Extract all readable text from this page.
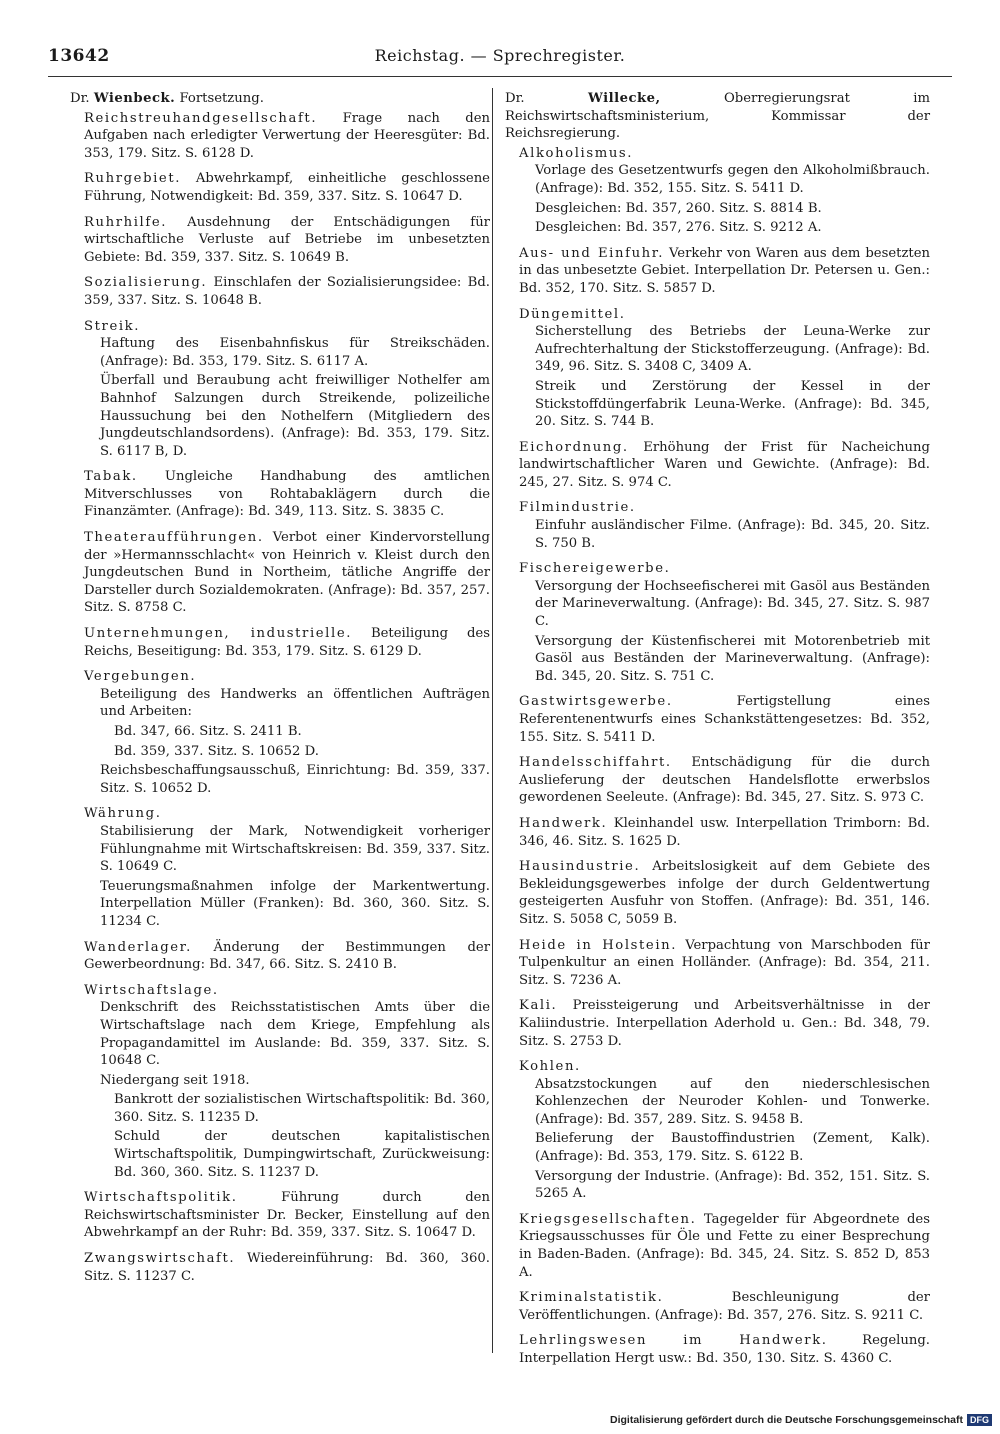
13642	Reichstag. — Sprechregister.

Dr. Wienbeck. Fortsetzung.

Reichstreuhandgesellschaft. Frage nach den Aufgaben nach erledigter Verwertung der Heeresgüter: Bd. 353, 179. Sitz. S. 6128 D.
Ruhrgebiet. Abwehrkampf, einheitliche geschlossene Führung, Notwendigkeit: Bd. 359, 337. Sitz. S. 10647 D.
Ruhrhilfe. Ausdehnung der Entschädigungen für wirtschaftliche Verluste auf Betriebe im unbesetzten Gebiete: Bd. 359, 337. Sitz. S. 10649 B.
Sozialisierung. Einschlafen der Sozialisierungsidee: Bd. 359, 337. Sitz. S. 10648 B.
Streik.
Haftung des Eisenbahnfiskus für Streikschäden. (Anfrage): Bd. 353, 179. Sitz. S. 6117 A.
Überfall und Beraubung acht freiwilliger Nothelfer am Bahnhof Salzungen durch Streikende, polizeiliche Haussuchung bei den Nothelfern (Mitgliedern des Jungdeutschlandsordens). (Anfrage): Bd. 353, 179. Sitz. S. 6117 B, D.
Tabak. Ungleiche Handhabung des amtlichen Mitverschlusses von Rohtabaklägern durch die Finanzämter. (Anfrage): Bd. 349, 113. Sitz. S. 3835 C.
Theateraufführungen. Verbot einer Kindervorstellung der »Hermannsschlacht« von Heinrich v. Kleist durch den Jungdeutschen Bund in Northeim, tätliche Angriffe der Darsteller durch Sozialdemokraten. (Anfrage): Bd. 357, 257. Sitz. S. 8758 C.
Unternehmungen, industrielle. Beteiligung des Reichs, Beseitigung: Bd. 353, 179. Sitz. S. 6129 D.
Vergebungen.
Beteiligung des Handwerks an öffentlichen Aufträgen und Arbeiten:
Bd. 347, 66. Sitz. S. 2411 B.
Bd. 359, 337. Sitz. S. 10652 D.
Reichsbeschaffungsausschuß, Einrichtung: Bd. 359, 337. Sitz. S. 10652 D.
Währung.
Stabilisierung der Mark, Notwendigkeit vorheriger Fühlungnahme mit Wirtschaftskreisen: Bd. 359, 337. Sitz. S. 10649 C.
Teuerungsmaßnahmen infolge der Markentwertung. Interpellation Müller (Franken): Bd. 360, 360. Sitz. S. 11234 C.
Wanderlager. Änderung der Bestimmungen der Gewerbeordnung: Bd. 347, 66. Sitz. S. 2410 B.
Wirtschaftslage.
Denkschrift des Reichsstatistischen Amts über die Wirtschaftslage nach dem Kriege, Empfehlung als Propagandamittel im Auslande: Bd. 359, 337. Sitz. S. 10648 C.
Niedergang seit 1918.
Bankrott der sozialistischen Wirtschaftspolitik: Bd. 360, 360. Sitz. S. 11235 D.
Schuld der deutschen kapitalistischen Wirtschaftspolitik, Dumpingwirtschaft, Zurückweisung: Bd. 360, 360. Sitz. S. 11237 D.
Wirtschaftspolitik.	Führung durch den Reichswirtschaftsminister Dr. Becker, Einstellung auf den Abwehrkampf an der Ruhr: Bd. 359, 337. Sitz. S. 10647 D.
Zwangswirtschaft. Wiedereinführung: Bd. 360, 360. Sitz. S. 11237 C.

Dr.	Willecke,	Oberregierungsrat im Reichswirtschaftsministerium, Kommissar der Reichsregierung.

Alkoholismus.
Vorlage des Gesetzentwurfs gegen den Alkoholmißbrauch. (Anfrage): Bd. 352, 155. Sitz. S. 5411 D.
Desgleichen: Bd. 357, 260. Sitz. S. 8814 B.
Desgleichen: Bd. 357, 276. Sitz. S. 9212 A.
Aus- und Einfuhr. Verkehr von Waren aus dem besetzten in das unbesetzte Gebiet. Interpellation Dr. Petersen u. Gen.: Bd. 352, 170. Sitz. S. 5857 D.
Düngemittel.
Sicherstellung des Betriebs der Leuna-Werke zur Aufrechterhaltung der Stickstofferzeugung. (Anfrage): Bd. 349, 96. Sitz. S. 3408 C, 3409 A.
Streik und Zerstörung der Kessel in der Stickstoffdüngerfabrik Leuna-Werke. (Anfrage): Bd. 345, 20. Sitz. S. 744 B.
Eichordnung. Erhöhung der Frist für Nacheichung landwirtschaftlicher Waren und Gewichte. (Anfrage): Bd. 245, 27. Sitz. S. 974 C.
Filmindustrie.
Einfuhr ausländischer Filme. (Anfrage): Bd. 345, 20. Sitz. S. 750 B.
Fischereigewerbe.
Versorgung der Hochseefischerei mit Gasöl aus Beständen der Marineverwaltung. (Anfrage): Bd. 345, 27. Sitz. S. 987 C.
Versorgung der Küstenfischerei mit Motorenbetrieb mit Gasöl aus Beständen der Marineverwaltung. (Anfrage): Bd. 345, 20. Sitz. S. 751 C.
Gastwirtsgewerbe.	Fertigstellung eines Referentenentwurfs eines Schankstättengesetzes: Bd. 352, 155. Sitz. S. 5411 D.
Handelsschiffahrt. Entschädigung für die durch Auslieferung der deutschen Handelsflotte erwerbslos gewordenen Seeleute. (Anfrage): Bd. 345, 27. Sitz. S. 973 C.
Handwerk. Kleinhandel usw. Interpellation Trimborn: Bd. 346, 46. Sitz. S. 1625 D.
Hausindustrie. Arbeitslosigkeit auf dem Gebiete des Bekleidungsgewerbes infolge der durch Geldentwertung gesteigerten Ausfuhr von Stoffen. (Anfrage): Bd. 351, 146. Sitz. S. 5058 C, 5059 B.
Heide in Holstein. Verpachtung von Marschboden für Tulpenkultur an einen Holländer. (Anfrage): Bd. 354, 211. Sitz. S. 7236 A.
Kali. Preissteigerung und Arbeitsverhältnisse in der Kaliindustrie. Interpellation Aderhold u. Gen.: Bd. 348, 79. Sitz. S. 2753 D.
Kohlen.
Absatzstockungen auf den niederschlesischen Kohlenzechen der Neuroder Kohlen- und Tonwerke. (Anfrage): Bd. 357, 289. Sitz. S. 9458 B.
Belieferung der Baustoffindustrien (Zement, Kalk). (Anfrage): Bd. 353, 179. Sitz. S. 6122 B.
Versorgung der Industrie. (Anfrage): Bd. 352, 151. Sitz. S. 5265 A.
Kriegsgesellschaften. Tagegelder für Abgeordnete des Kriegsausschusses für Öle und Fette zu einer Besprechung in Baden-Baden. (Anfrage): Bd. 345, 24. Sitz. S. 852 D, 853 A.
Kriminalstatistik.	Beschleunigung der Veröffentlichungen. (Anfrage): Bd. 357, 276. Sitz. S. 9211 C.
Lehrlingswesen im Handwerk.	Regelung. Interpellation Hergt usw.: Bd. 350, 130. Sitz. S. 4360 C.
Digitalisierung gefördert durch die Deutsche Forschungsgemeinschaft DFG
